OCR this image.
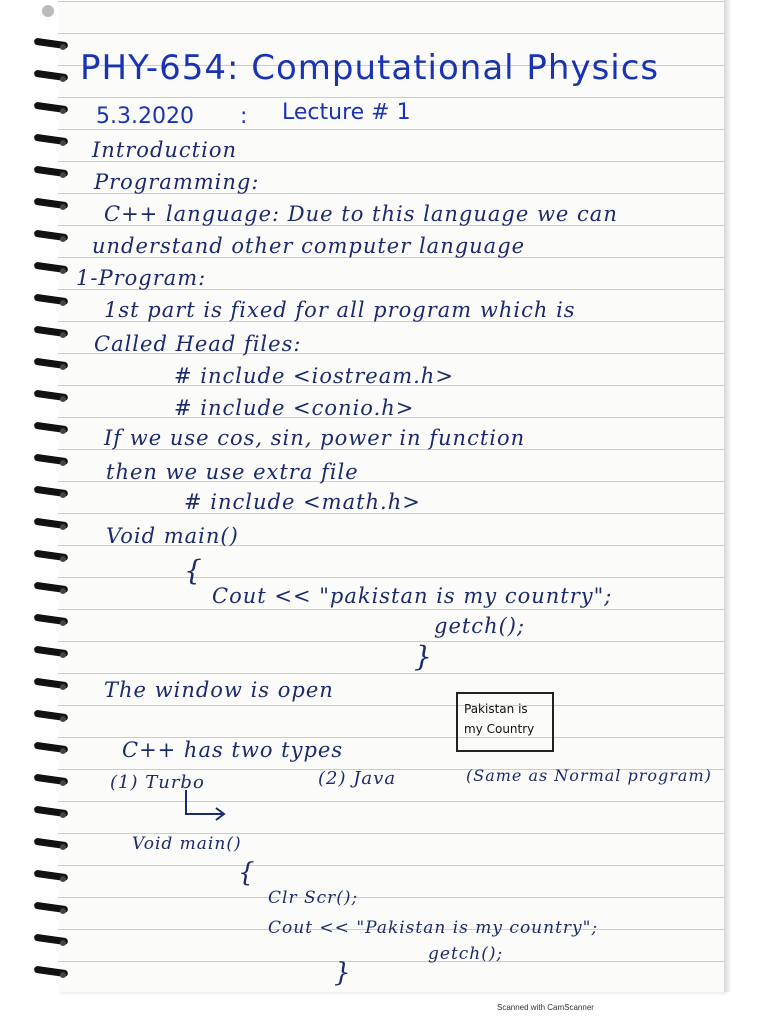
PHY-654: Computational Physics
5.3.2020 : Lecture # 1
Introduction
Programming:
C++ language: Due to this language we can
understand other computer language
1-Program:
1st part is fixed for all program which is
Called Head files:
# include <iostream.h>
# include <conio.h>
If we use cos, sin, power in function
then we use extra file
# include <math.h>
Void main()
{
Cout << "pakistan is my country";
getch();
}
The window is open
C++ has two types
(1) Turbo	(2) Java	(Same as Normal program)
Void main()
{
Clr Scr();
Cout << "Pakistan is my country";
getch();
}
Pakistan is
my Country
Scanned with CamScanner
